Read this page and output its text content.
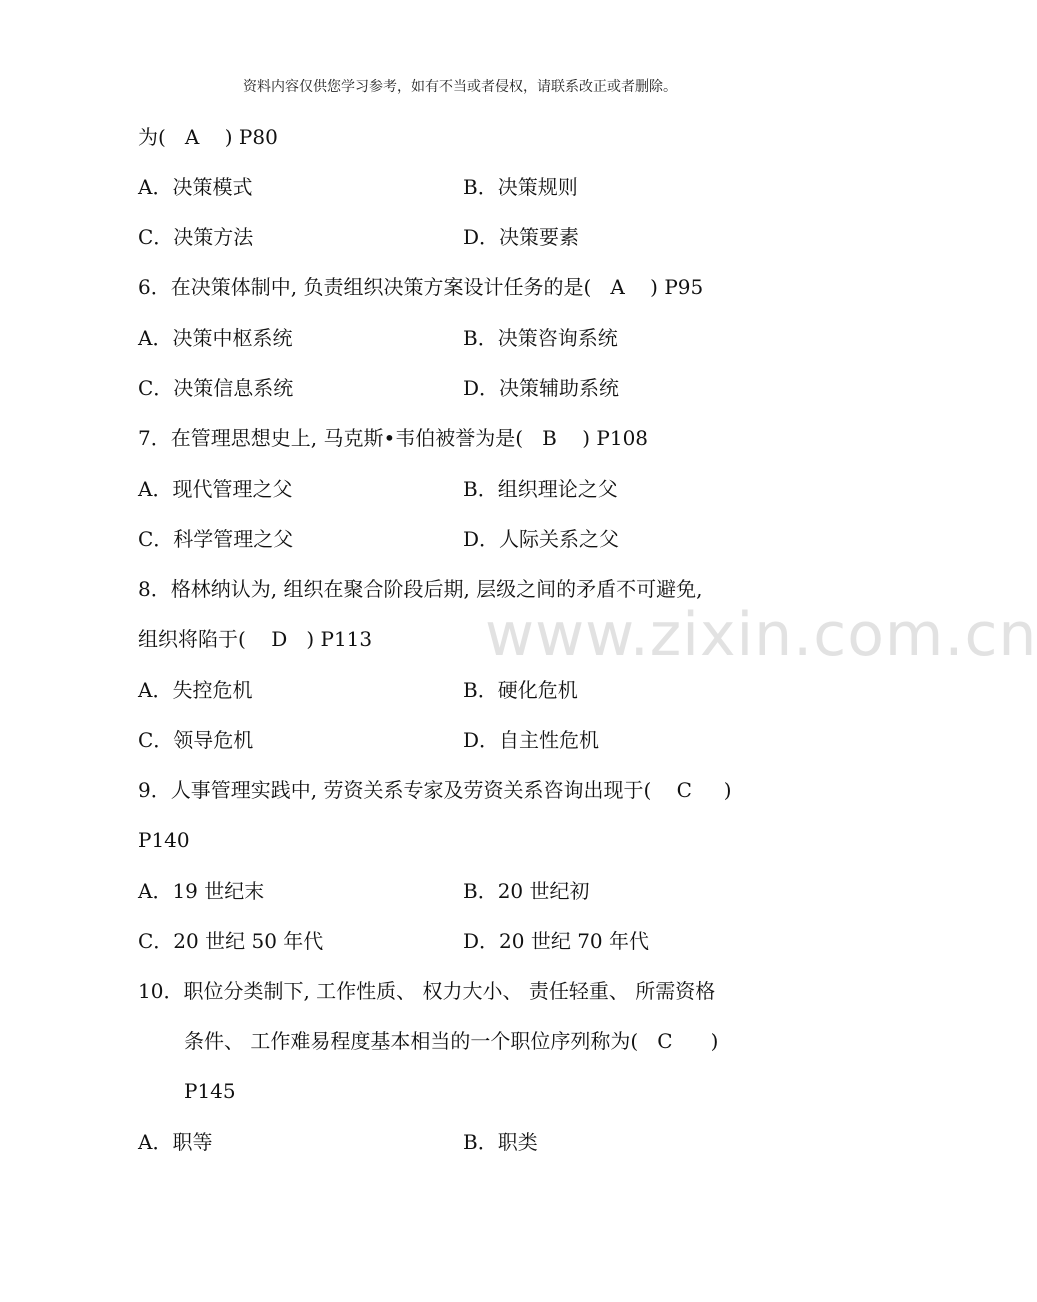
资料内容仅供您学习参考，如有不当或者侵权，请联系改正或者删除。
www.zixin.com.cn
为(   A    ) P80
A．决策模式	B．决策规则
C．决策方法	D．决策要素
6．在决策体制中, 负责组织决策方案设计任务的是(   A    ) P95
A．决策中枢系统	B．决策咨询系统
C．决策信息系统	D．决策辅助系统
7．在管理思想史上, 马克斯•韦伯被誉为是(   B    ) P108
A．现代管理之父	B．组织理论之父
C．科学管理之父	D．人际关系之父
8．格林纳认为, 组织在聚合阶段后期, 层级之间的矛盾不可避免,
组织将陷于(    D   ) P113
A．失控危机	B．硬化危机
C．领导危机	D．自主性危机
9．人事管理实践中, 劳资关系专家及劳资关系咨询出现于(    C     )
P140
A．19 世纪末	B．20 世纪初
C．20 世纪 50 年代	D．20 世纪 70 年代
10．职位分类制下, 工作性质、 权力大小、 责任轻重、 所需资格
条件、 工作难易程度基本相当的一个职位序列称为(   C      )
P145
A．职等	B．职类
